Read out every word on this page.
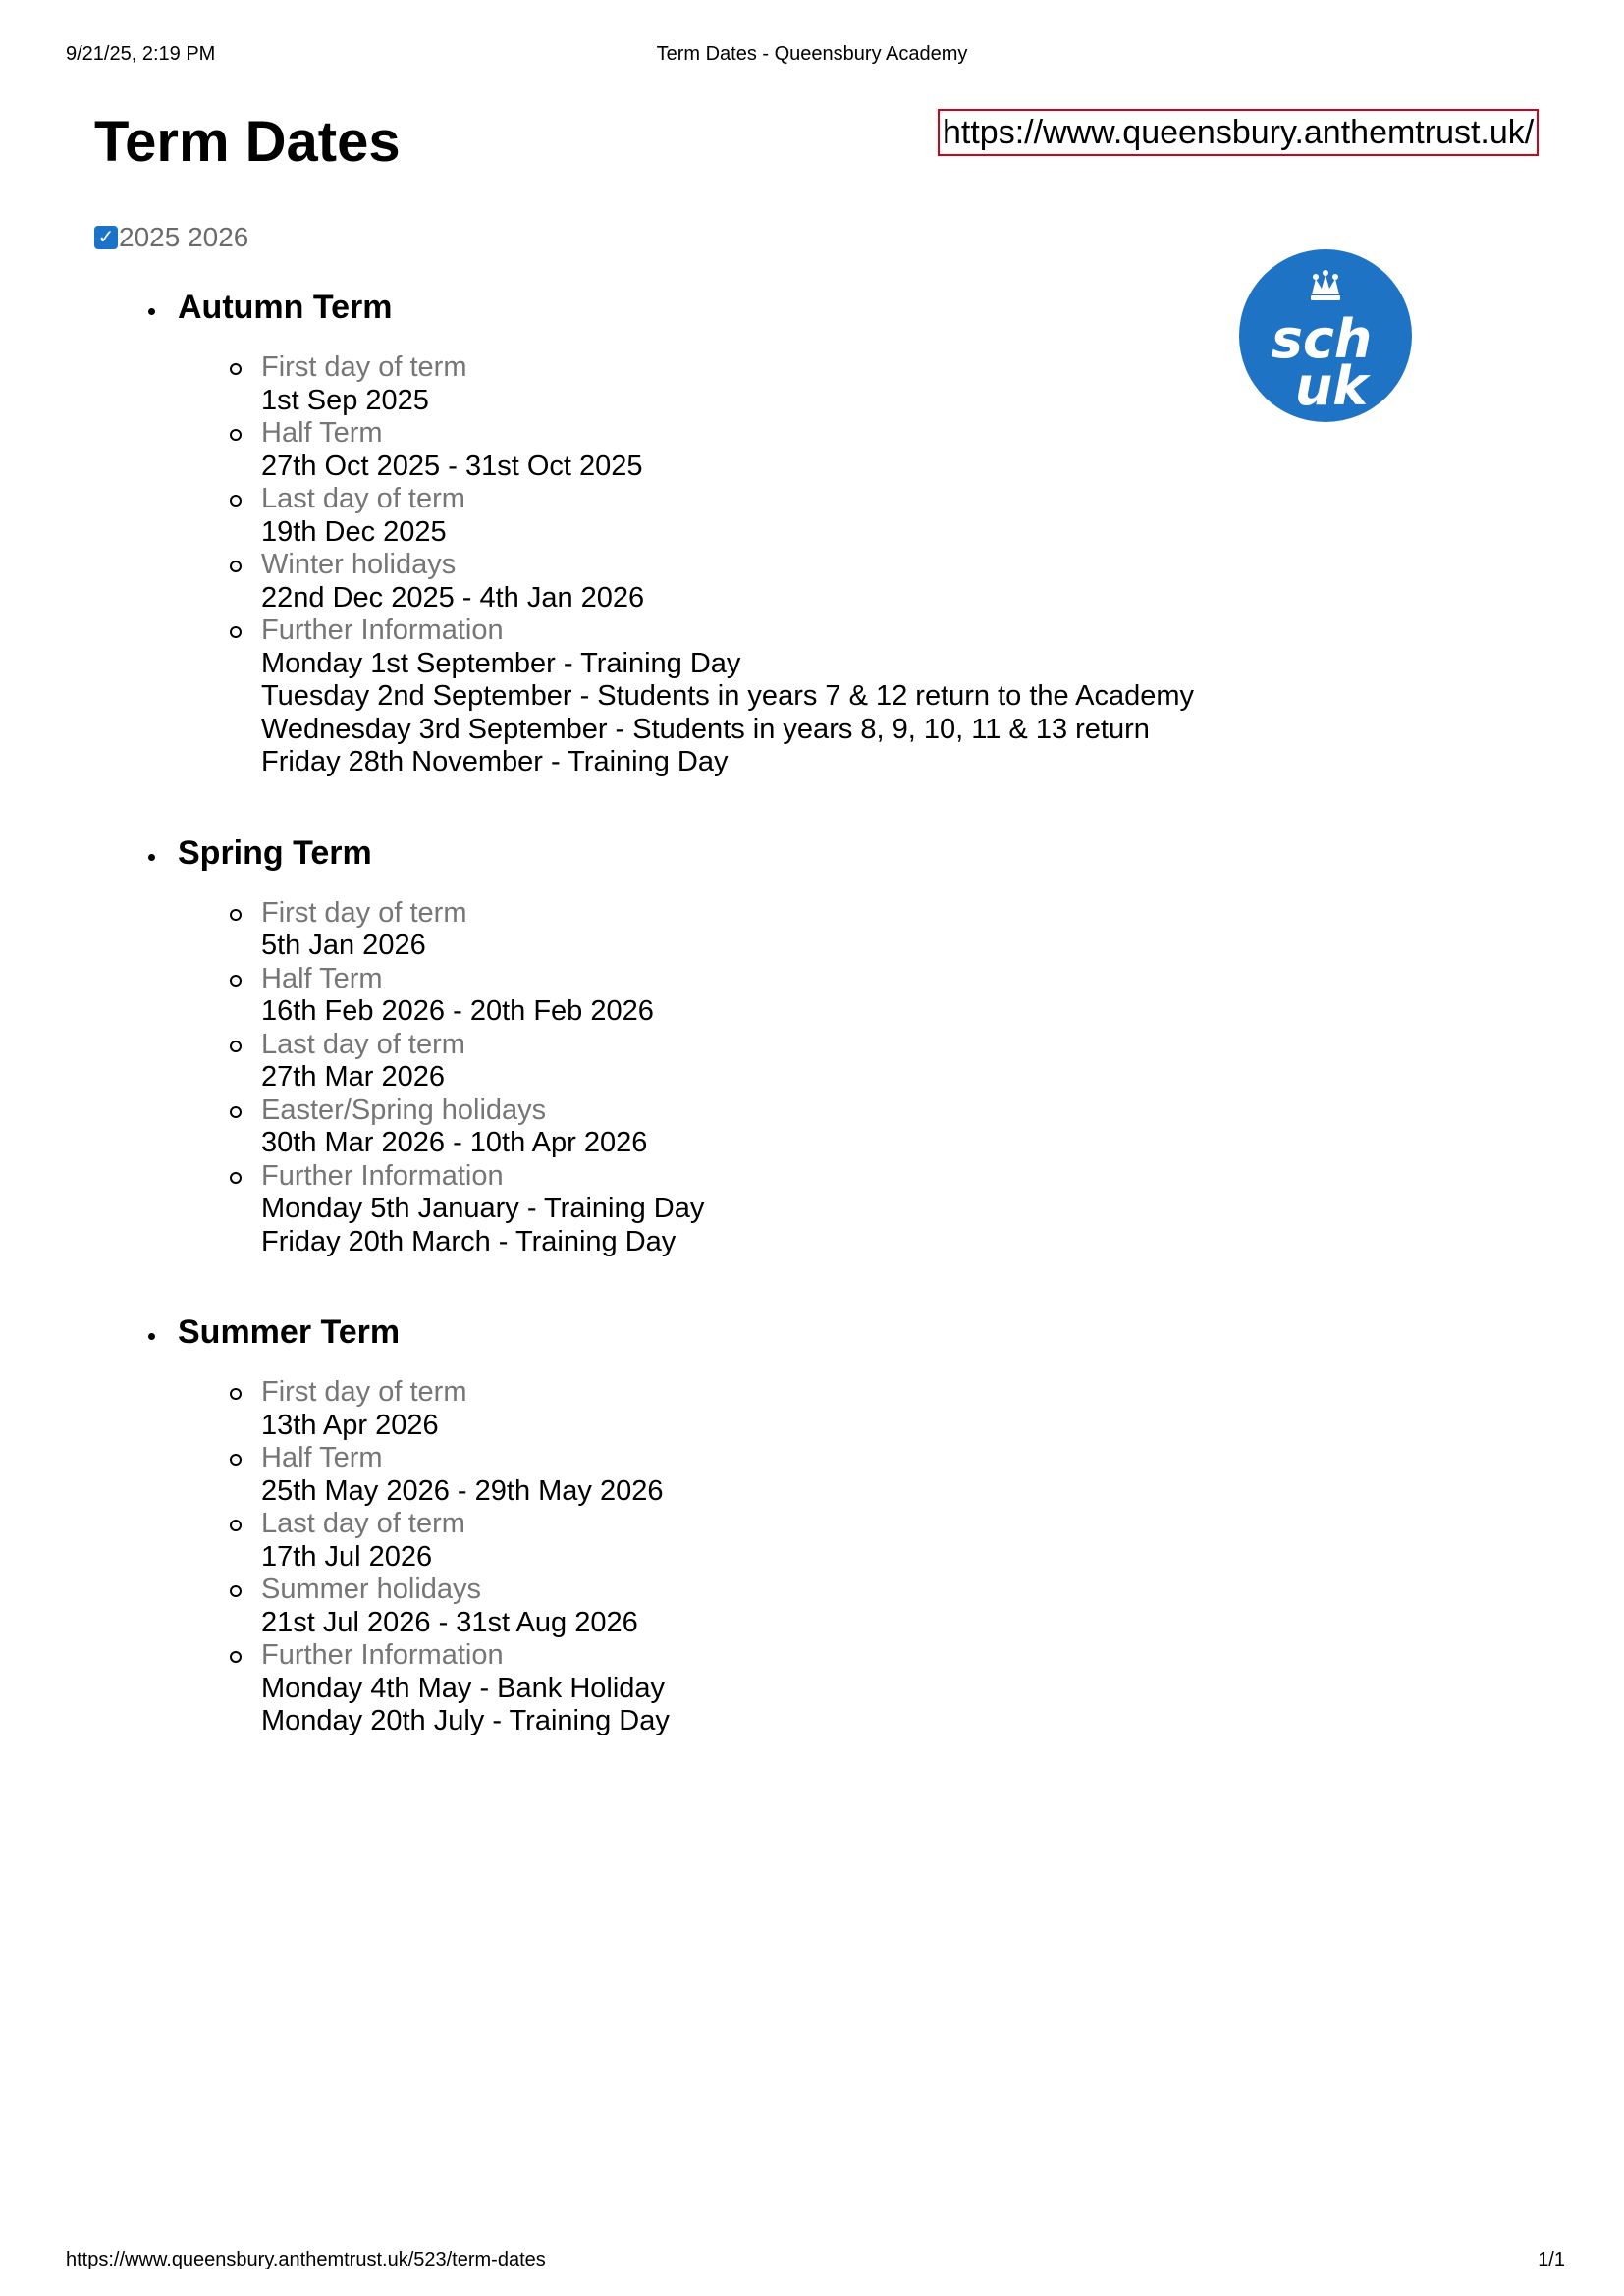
9/21/25, 2:19 PM	Term Dates - Queensbury Academy
Term Dates	https://www.queensbury.anthemtrust.uk/
✓ 2025 2026
sch uk
Autumn Term
First day of term
1st Sep 2025
Half Term
27th Oct 2025 - 31st Oct 2025
Last day of term
19th Dec 2025
Winter holidays
22nd Dec 2025 - 4th Jan 2026
Further Information
Monday 1st September - Training Day
Tuesday 2nd September - Students in years 7 & 12 return to the Academy
Wednesday 3rd September - Students in years 8, 9, 10, 11 & 13 return
Friday 28th November - Training Day
Spring Term
First day of term
5th Jan 2026
Half Term
16th Feb 2026 - 20th Feb 2026
Last day of term
27th Mar 2026
Easter/Spring holidays
30th Mar 2026 - 10th Apr 2026
Further Information
Monday 5th January - Training Day
Friday 20th March - Training Day
Summer Term
First day of term
13th Apr 2026
Half Term
25th May 2026 - 29th May 2026
Last day of term
17th Jul 2026
Summer holidays
21st Jul 2026 - 31st Aug 2026
Further Information
Monday 4th May - Bank Holiday
Monday 20th July - Training Day
https://www.queensbury.anthemtrust.uk/523/term-dates	1/1
